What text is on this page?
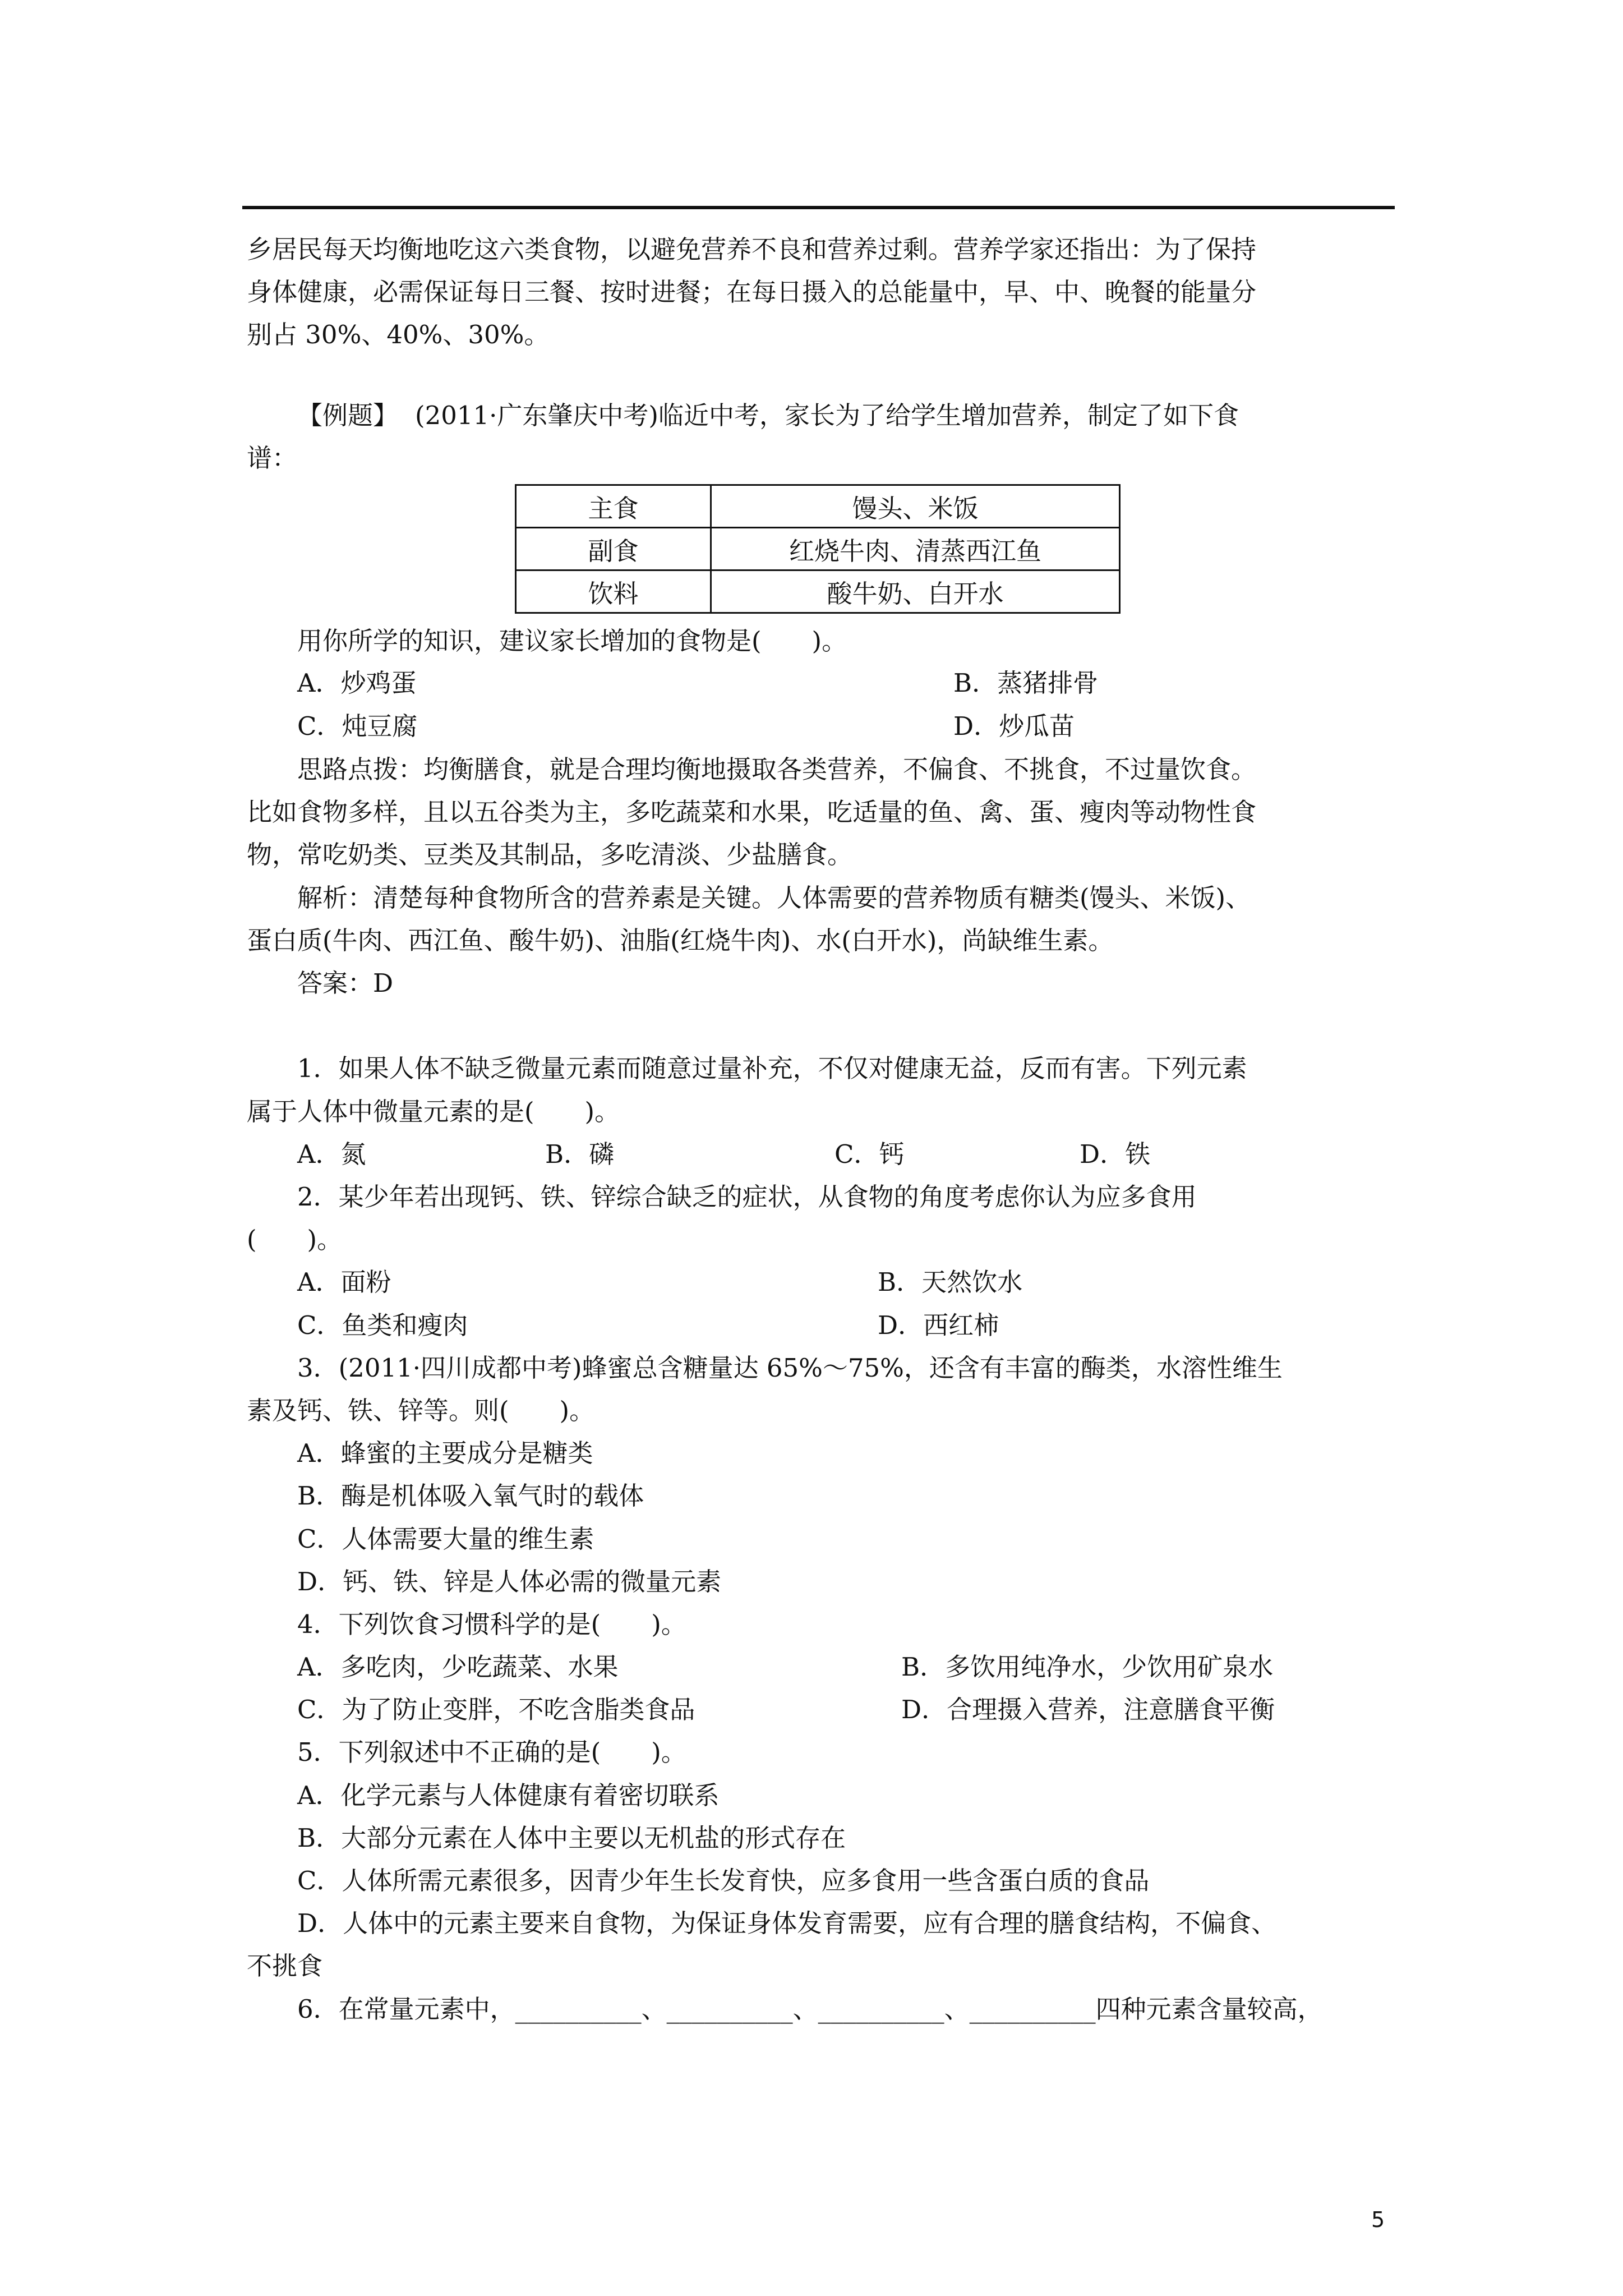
乡居民每天均衡地吃这六类食物，以避免营养不良和营养过剩。营养学家还指出：为了保持
身体健康，必需保证每日三餐、按时进餐；在每日摄入的总能量中，早、中、晚餐的能量分
别占 30%、40%、30%。
【例题】 (2011·广东肇庆中考)临近中考，家长为了给学生增加营养，制定了如下食
谱：
主食	馒头、米饭
副食	红烧牛肉、清蒸西江鱼
饮料	酸牛奶、白开水
用你所学的知识，建议家长增加的食物是(　　)。
A．炒鸡蛋	B．蒸猪排骨
C．炖豆腐	D．炒瓜苗
思路点拨：均衡膳食，就是合理均衡地摄取各类营养，不偏食、不挑食，不过量饮食。
比如食物多样，且以五谷类为主，多吃蔬菜和水果，吃适量的鱼、禽、蛋、瘦肉等动物性食
物，常吃奶类、豆类及其制品，多吃清淡、少盐膳食。
解析：清楚每种食物所含的营养素是关键。人体需要的营养物质有糖类(馒头、米饭)、
蛋白质(牛肉、西江鱼、酸牛奶)、油脂(红烧牛肉)、水(白开水)，尚缺维生素。
答案：D
1．如果人体不缺乏微量元素而随意过量补充，不仅对健康无益，反而有害。下列元素
属于人体中微量元素的是(　　)。
A．氮	B．磷	C．钙	D．铁
2．某少年若出现钙、铁、锌综合缺乏的症状，从食物的角度考虑你认为应多食用
(　　)。
A．面粉	B．天然饮水
C．鱼类和瘦肉	D．西红柿
3．(2011·四川成都中考)蜂蜜总含糖量达 65%～75%，还含有丰富的酶类，水溶性维生
素及钙、铁、锌等。则(　　)。
A．蜂蜜的主要成分是糖类
B．酶是机体吸入氧气时的载体
C．人体需要大量的维生素
D．钙、铁、锌是人体必需的微量元素
4．下列饮食习惯科学的是(　　)。
A．多吃肉，少吃蔬菜、水果	B．多饮用纯净水，少饮用矿泉水
C．为了防止变胖，不吃含脂类食品	D．合理摄入营养，注意膳食平衡
5．下列叙述中不正确的是(　　)。
A．化学元素与人体健康有着密切联系
B．大部分元素在人体中主要以无机盐的形式存在
C．人体所需元素很多，因青少年生长发育快，应多食用一些含蛋白质的食品
D．人体中的元素主要来自食物，为保证身体发育需要，应有合理的膳食结构，不偏食、
不挑食
6．在常量元素中，__________、__________、__________、__________四种元素含量较高，
5
